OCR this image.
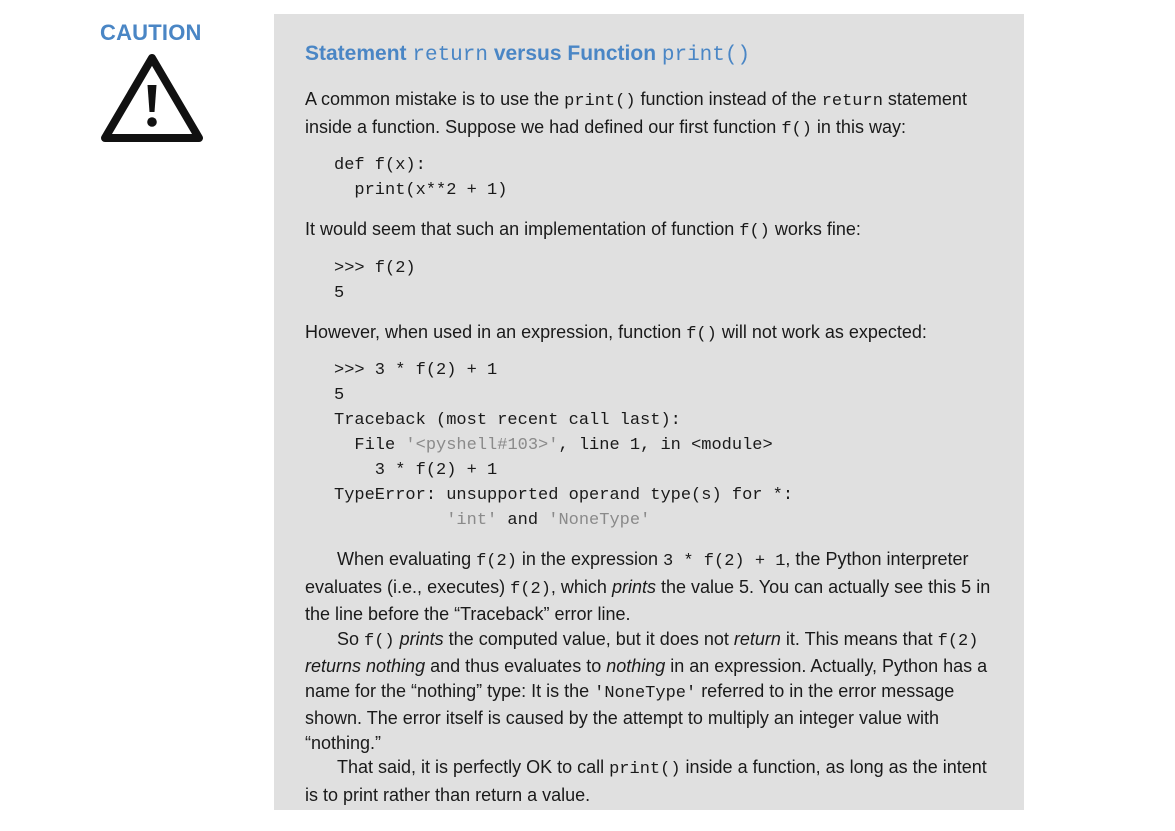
CAUTION
Statement return versus Function print()

A common mistake is to use the print() function instead of the return statement inside a function. Suppose we had defined our first function f() in this way:

def f(x):
print(x**2 + 1)

It would seem that such an implementation of function f() works fine:

>>> f(2)
5

However, when used in an expression, function f() will not work as expected:

>>> 3 * f(2) + 1
5
Traceback (most recent call last):
File '<pyshell#103>', line 1, in <module>
3 * f(2) + 1
TypeError: unsupported operand type(s) for *:
'int' and 'NoneType'

When evaluating f(2) in the expression 3 * f(2) + 1, the Python interpreter evaluates (i.e., executes) f(2), which prints the value 5. You can actually see this 5 in the line before the “Traceback” error line.

So f() prints the computed value, but it does not return it. This means that f(2) returns nothing and thus evaluates to nothing in an expression. Actually, Python has a name for the “nothing” type: It is the 'NoneType' referred to in the error message shown. The error itself is caused by the attempt to multiply an integer value with “nothing.”

That said, it is perfectly OK to call print() inside a function, as long as the intent is to print rather than return a value.
